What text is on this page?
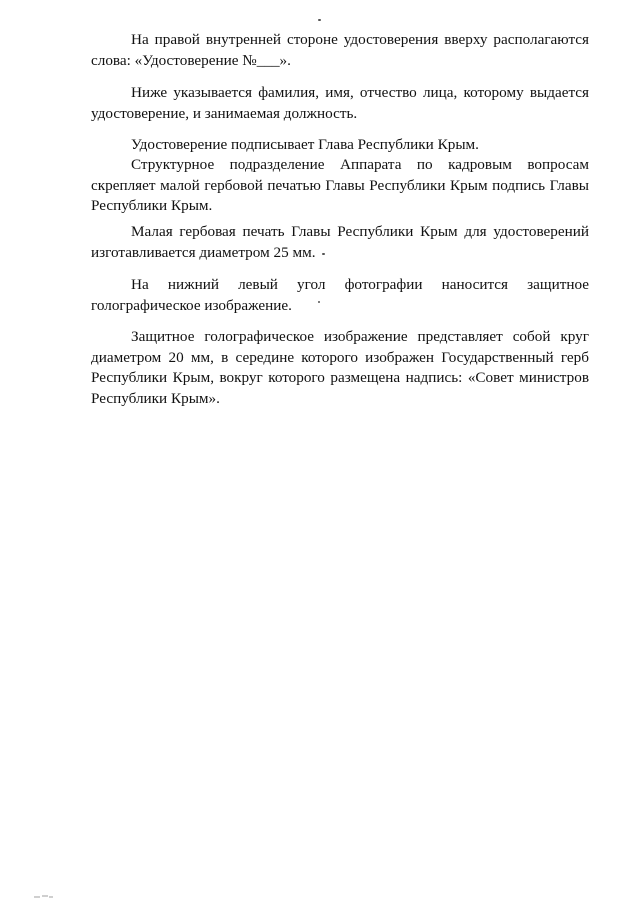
На правой внутренней стороне удостоверения вверху располагаются слова: «Удостоверение №___».

Ниже указывается фамилия, имя, отчество лица, которому выдается удостоверение, и занимаемая должность.

Удостоверение подписывает Глава Республики Крым.

Структурное подразделение Аппарата по кадровым вопросам скрепляет малой гербовой печатью Главы Республики Крым подпись Главы Республики Крым.

Малая гербовая печать Главы Республики Крым для удостоверений изготавливается диаметром 25 мм.

На нижний левый угол фотографии наносится защитное

голографическое изображение.

Защитное голографическое изображение представляет собой круг диаметром 20 мм, в середине которого изображен Государственный герб Республики Крым, вокруг которого размещена надпись: «Совет министров Республики Крым».
